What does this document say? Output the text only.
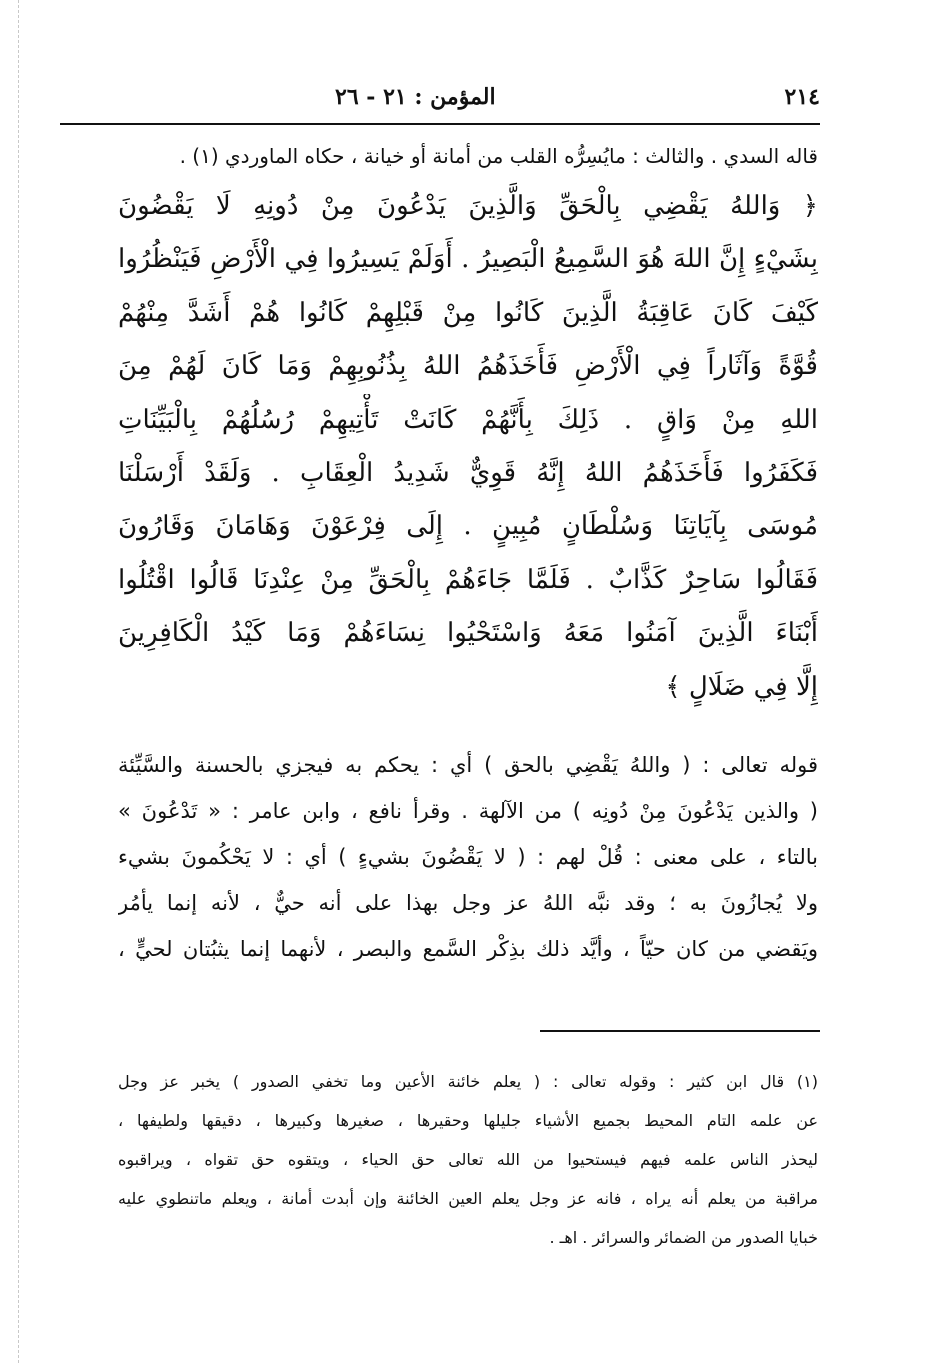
٢١٤
المؤمن : ٢١ - ٢٦
قاله السدي . والثالث : مايُسِرُّه القلب من أمانة أو خيانة ، حكاه الماوردي (١) .
﴿ وَاللهُ يَقْضِي بِالْحَقِّ وَالَّذِينَ يَدْعُونَ مِنْ دُونِهِ لَا يَقْضُونَ
بِشَيْءٍ إِنَّ اللهَ هُوَ السَّمِيعُ الْبَصِيرُ . أَوَلَمْ يَسِيرُوا فِي الْأَرْضِ فَيَنْظُرُوا
كَيْفَ كَانَ عَاقِبَةُ الَّذِينَ كَانُوا مِنْ قَبْلِهِمْ كَانُوا هُمْ أَشَدَّ مِنْهُمْ
قُوَّةً وَآثَاراً فِي الْأَرْضِ فَأَخَذَهُمُ اللهُ بِذُنُوبِهِمْ وَمَا كَانَ لَهُمْ مِنَ
اللهِ مِنْ وَاقٍ . ذَلِكَ بِأَنَّهُمْ كَانَتْ تَأْتِيهِمْ رُسُلُهُمْ بِالْبَيِّنَاتِ
فَكَفَرُوا فَأَخَذَهُمُ اللهُ إِنَّهُ قَوِيٌّ شَدِيدُ الْعِقَابِ . وَلَقَدْ أَرْسَلْنَا
مُوسَى بِآيَاتِنَا وَسُلْطَانٍ مُبِينٍ . إِلَى فِرْعَوْنَ وَهَامَانَ وَقَارُونَ
فَقَالُوا سَاحِرٌ كَذَّابٌ . فَلَمَّا جَاءَهُمْ بِالْحَقِّ مِنْ عِنْدِنَا قَالُوا اقْتُلُوا
أَبْنَاءَ الَّذِينَ آمَنُوا مَعَهُ وَاسْتَحْيُوا نِسَاءَهُمْ وَمَا كَيْدُ الْكَافِرِينَ
إِلَّا فِي ضَلَالٍ ﴾
قوله تعالى : ( واللهُ يَقْضِي بالحق ) أي : يحكم به فيجزي بالحسنة والسَّيِّئة
( والذين يَدْعُونَ مِنْ دُونِه ) من الآلهة . وقرأ نافع ، وابن عامر : « تَدْعُونَ »
بالتاء ، على معنى : قُلْ لهم : ( لا يَقْضُونَ بشيءٍ ) أي : لا يَحْكُمونَ بشيء
ولا يُجازُونَ به ؛ وقد نبَّه اللهُ عز وجل بهذا على أنه حيٌّ ، لأنه إنما يأمُر
ويَقضي من كان حيّاً ، وأيَّد ذلك بذِكْر السَّمع والبصر ، لأنهما إنما يثبُتان لحيٍّ ،
(١) قال ابن كثير : وقوله تعالى : ( يعلم خائنة الأعين وما تخفي الصدور ) يخبر عز وجل
عن علمه التام المحيط بجميع الأشياء جليلها وحقيرها ، صغيرها وكبيرها ، دقيقها ولطيفها ،
ليحذر الناس علمه فيهم فيستحيوا من الله تعالى حق الحياء ، ويتقوه حق تقواه ، ويراقبوه
مراقبة من يعلم أنه يراه ، فانه عز وجل يعلم العين الخائنة وإن أبدت أمانة ، ويعلم ماتنطوي عليه
خبايا الصدور من الضمائر والسرائر . اهـ .
